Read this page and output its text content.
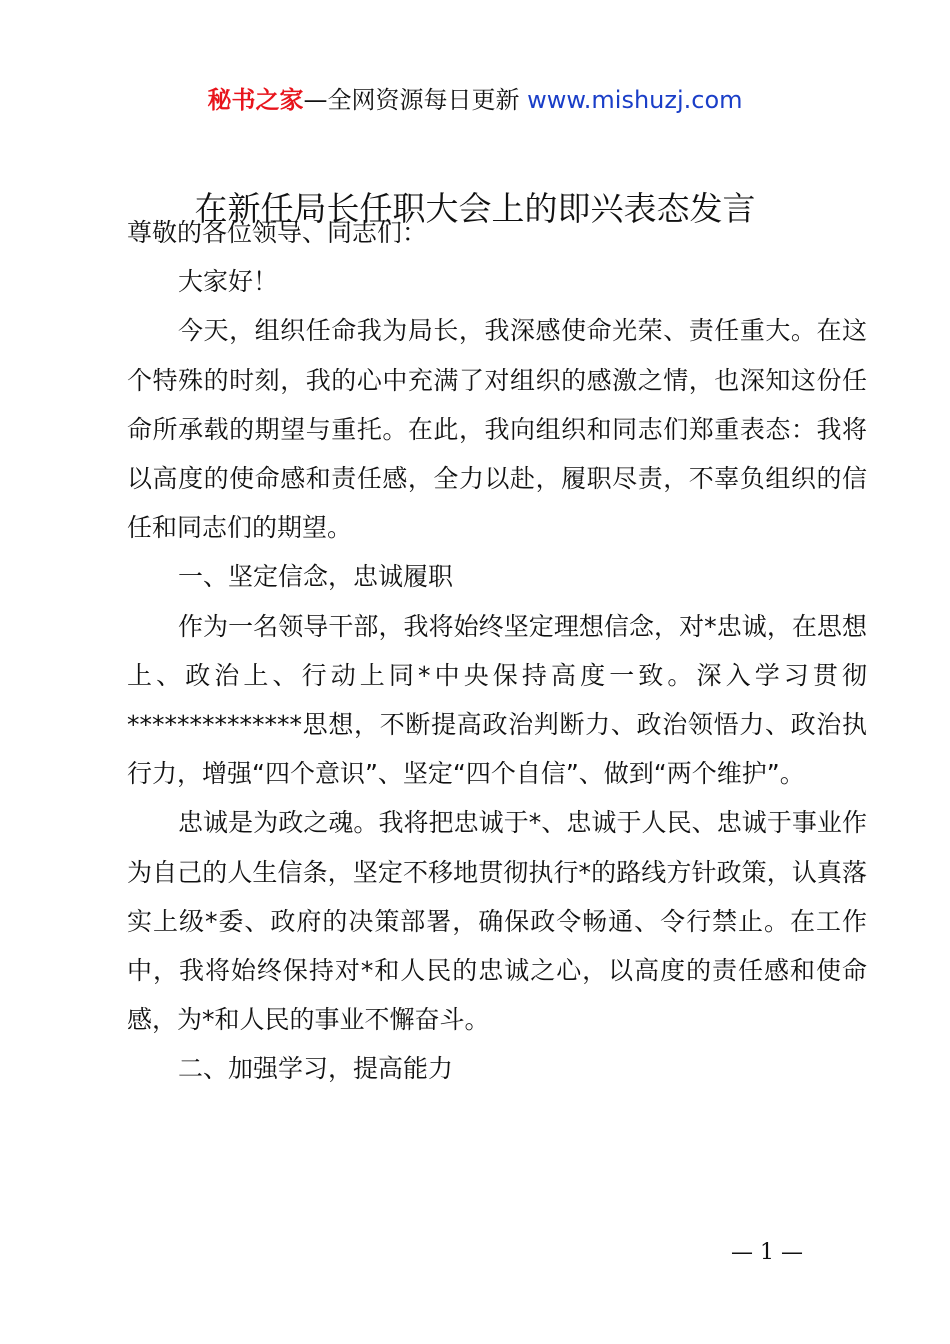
秘书之家—全网资源每日更新 www.mishuzj.com
在新任局长任职大会上的即兴表态发言

尊敬的各位领导、同志们：

大家好！

今天，组织任命我为局长，我深感使命光荣、责任重大。在这个特殊的时刻，我的心中充满了对组织的感激之情，也深知这份任命所承载的期望与重托。在此，我向组织和同志们郑重表态：我将以高度的使命感和责任感，全力以赴，履职尽责，不辜负组织的信任和同志们的期望。

一、坚定信念，忠诚履职

作为一名领导干部，我将始终坚定理想信念，对*忠诚，在思想上、政治上、行动上同*中央保持高度一致。深入学习贯彻**************思想，不断提高政治判断力、政治领悟力、政治执行力，增强“四个意识”、坚定“四个自信”、做到“两个维护”。

忠诚是为政之魂。我将把忠诚于*、忠诚于人民、忠诚于事业作为自己的人生信条，坚定不移地贯彻执行*的路线方针政策，认真落实上级*委、政府的决策部署，确保政令畅通、令行禁止。在工作中，我将始终保持对*和人民的忠诚之心，以高度的责任感和使命感，为*和人民的事业不懈奋斗。

二、加强学习，提高能力

— 1 —
